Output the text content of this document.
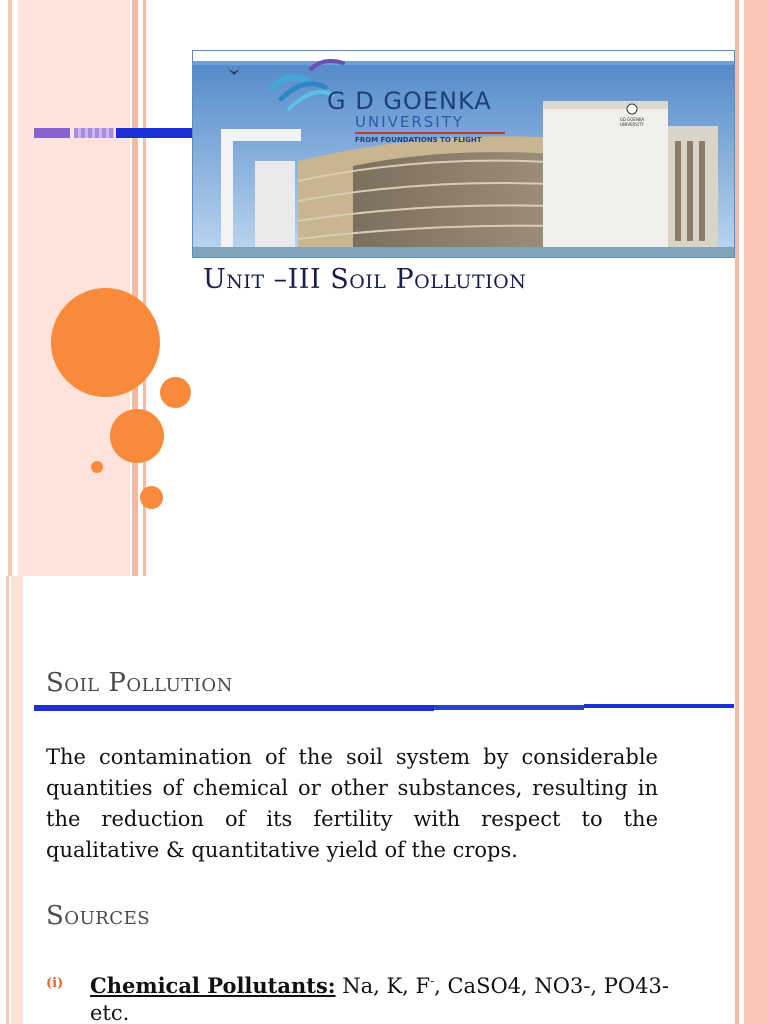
G D GOENKA
UNIVERSITY
FROM FOUNDATIONS TO FLIGHT
GD GOENKA UNIVERSITY
Unit –III Soil Pollution
Soil Pollution
The contamination of the soil system by considerable quantities of chemical or other substances, resulting in the reduction of its fertility with respect to the qualitative & quantitative yield of the crops.
Sources
(i) Chemical Pollutants: Na, K, F-, CaSO4, NO3-, PO43- etc.
